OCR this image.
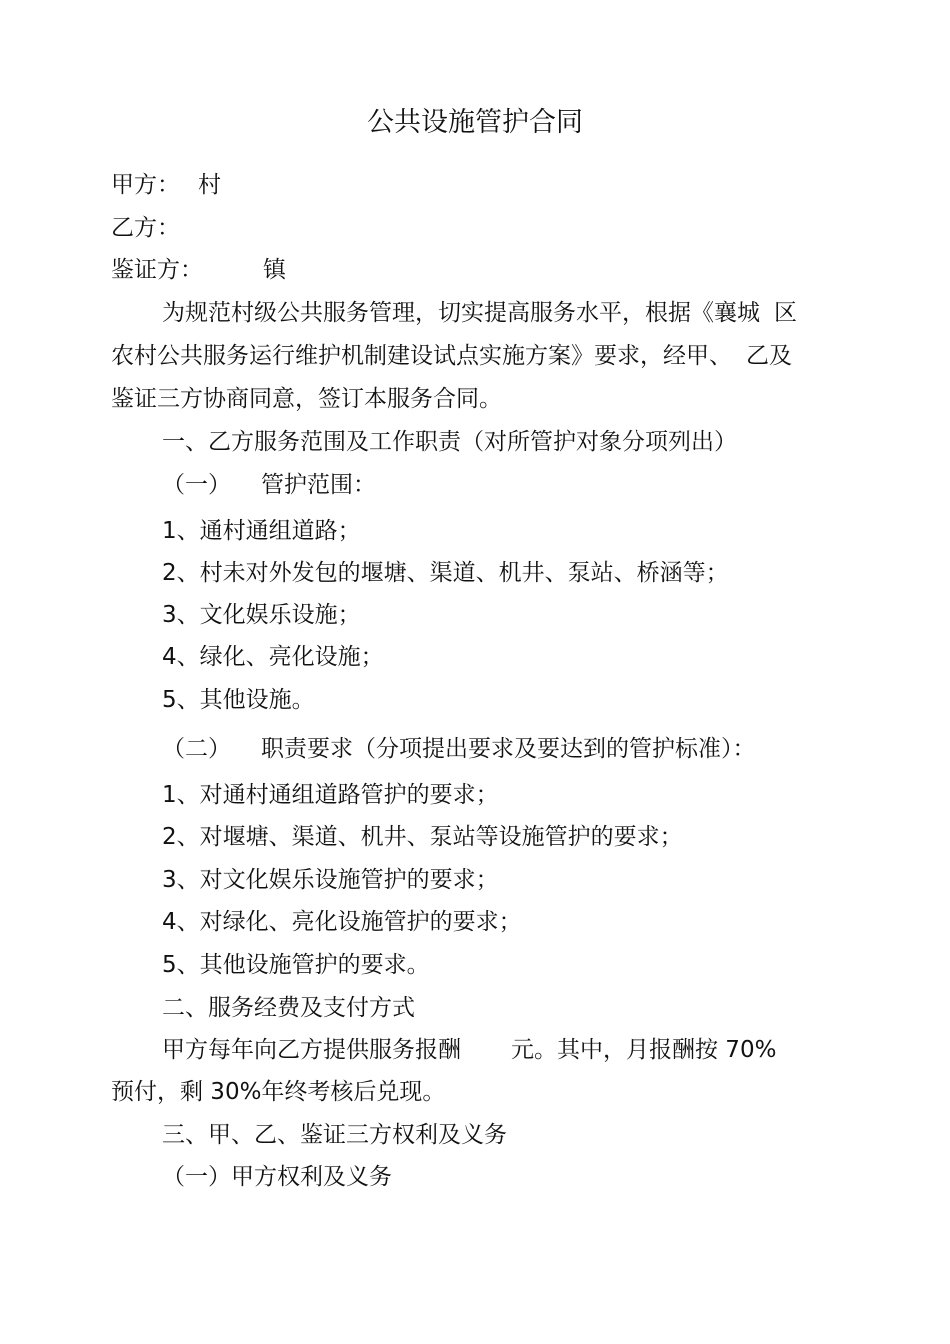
公共设施管护合同

甲方： 村

乙方：

鉴证方：	镇

为规范村级公共服务管理，切实提高服务水平，根据《襄城 区

农村公共服务运行维护机制建设试点实施方案》要求，经甲、 乙及

鉴证三方协商同意，签订本服务合同。

一、乙方服务范围及工作职责（对所管护对象分项列出）

（一） 管护范围：

1、通村通组道路；

2、村未对外发包的堰塘、渠道、机井、泵站、桥涵等；

3、文化娱乐设施；

4、绿化、亮化设施；

5、其他设施。

（二） 职责要求（分项提出要求及要达到的管护标准）：

1、对通村通组道路管护的要求；

2、对堰塘、渠道、机井、泵站等设施管护的要求；

3、对文化娱乐设施管护的要求；

4、对绿化、亮化设施管护的要求；

5、其他设施管护的要求。

二、服务经费及支付方式

甲方每年向乙方提供服务报酬 元。其中，月报酬按 70%

预付，剩 30%年终考核后兑现。

三、甲、乙、鉴证三方权利及义务

（一）甲方权利及义务
